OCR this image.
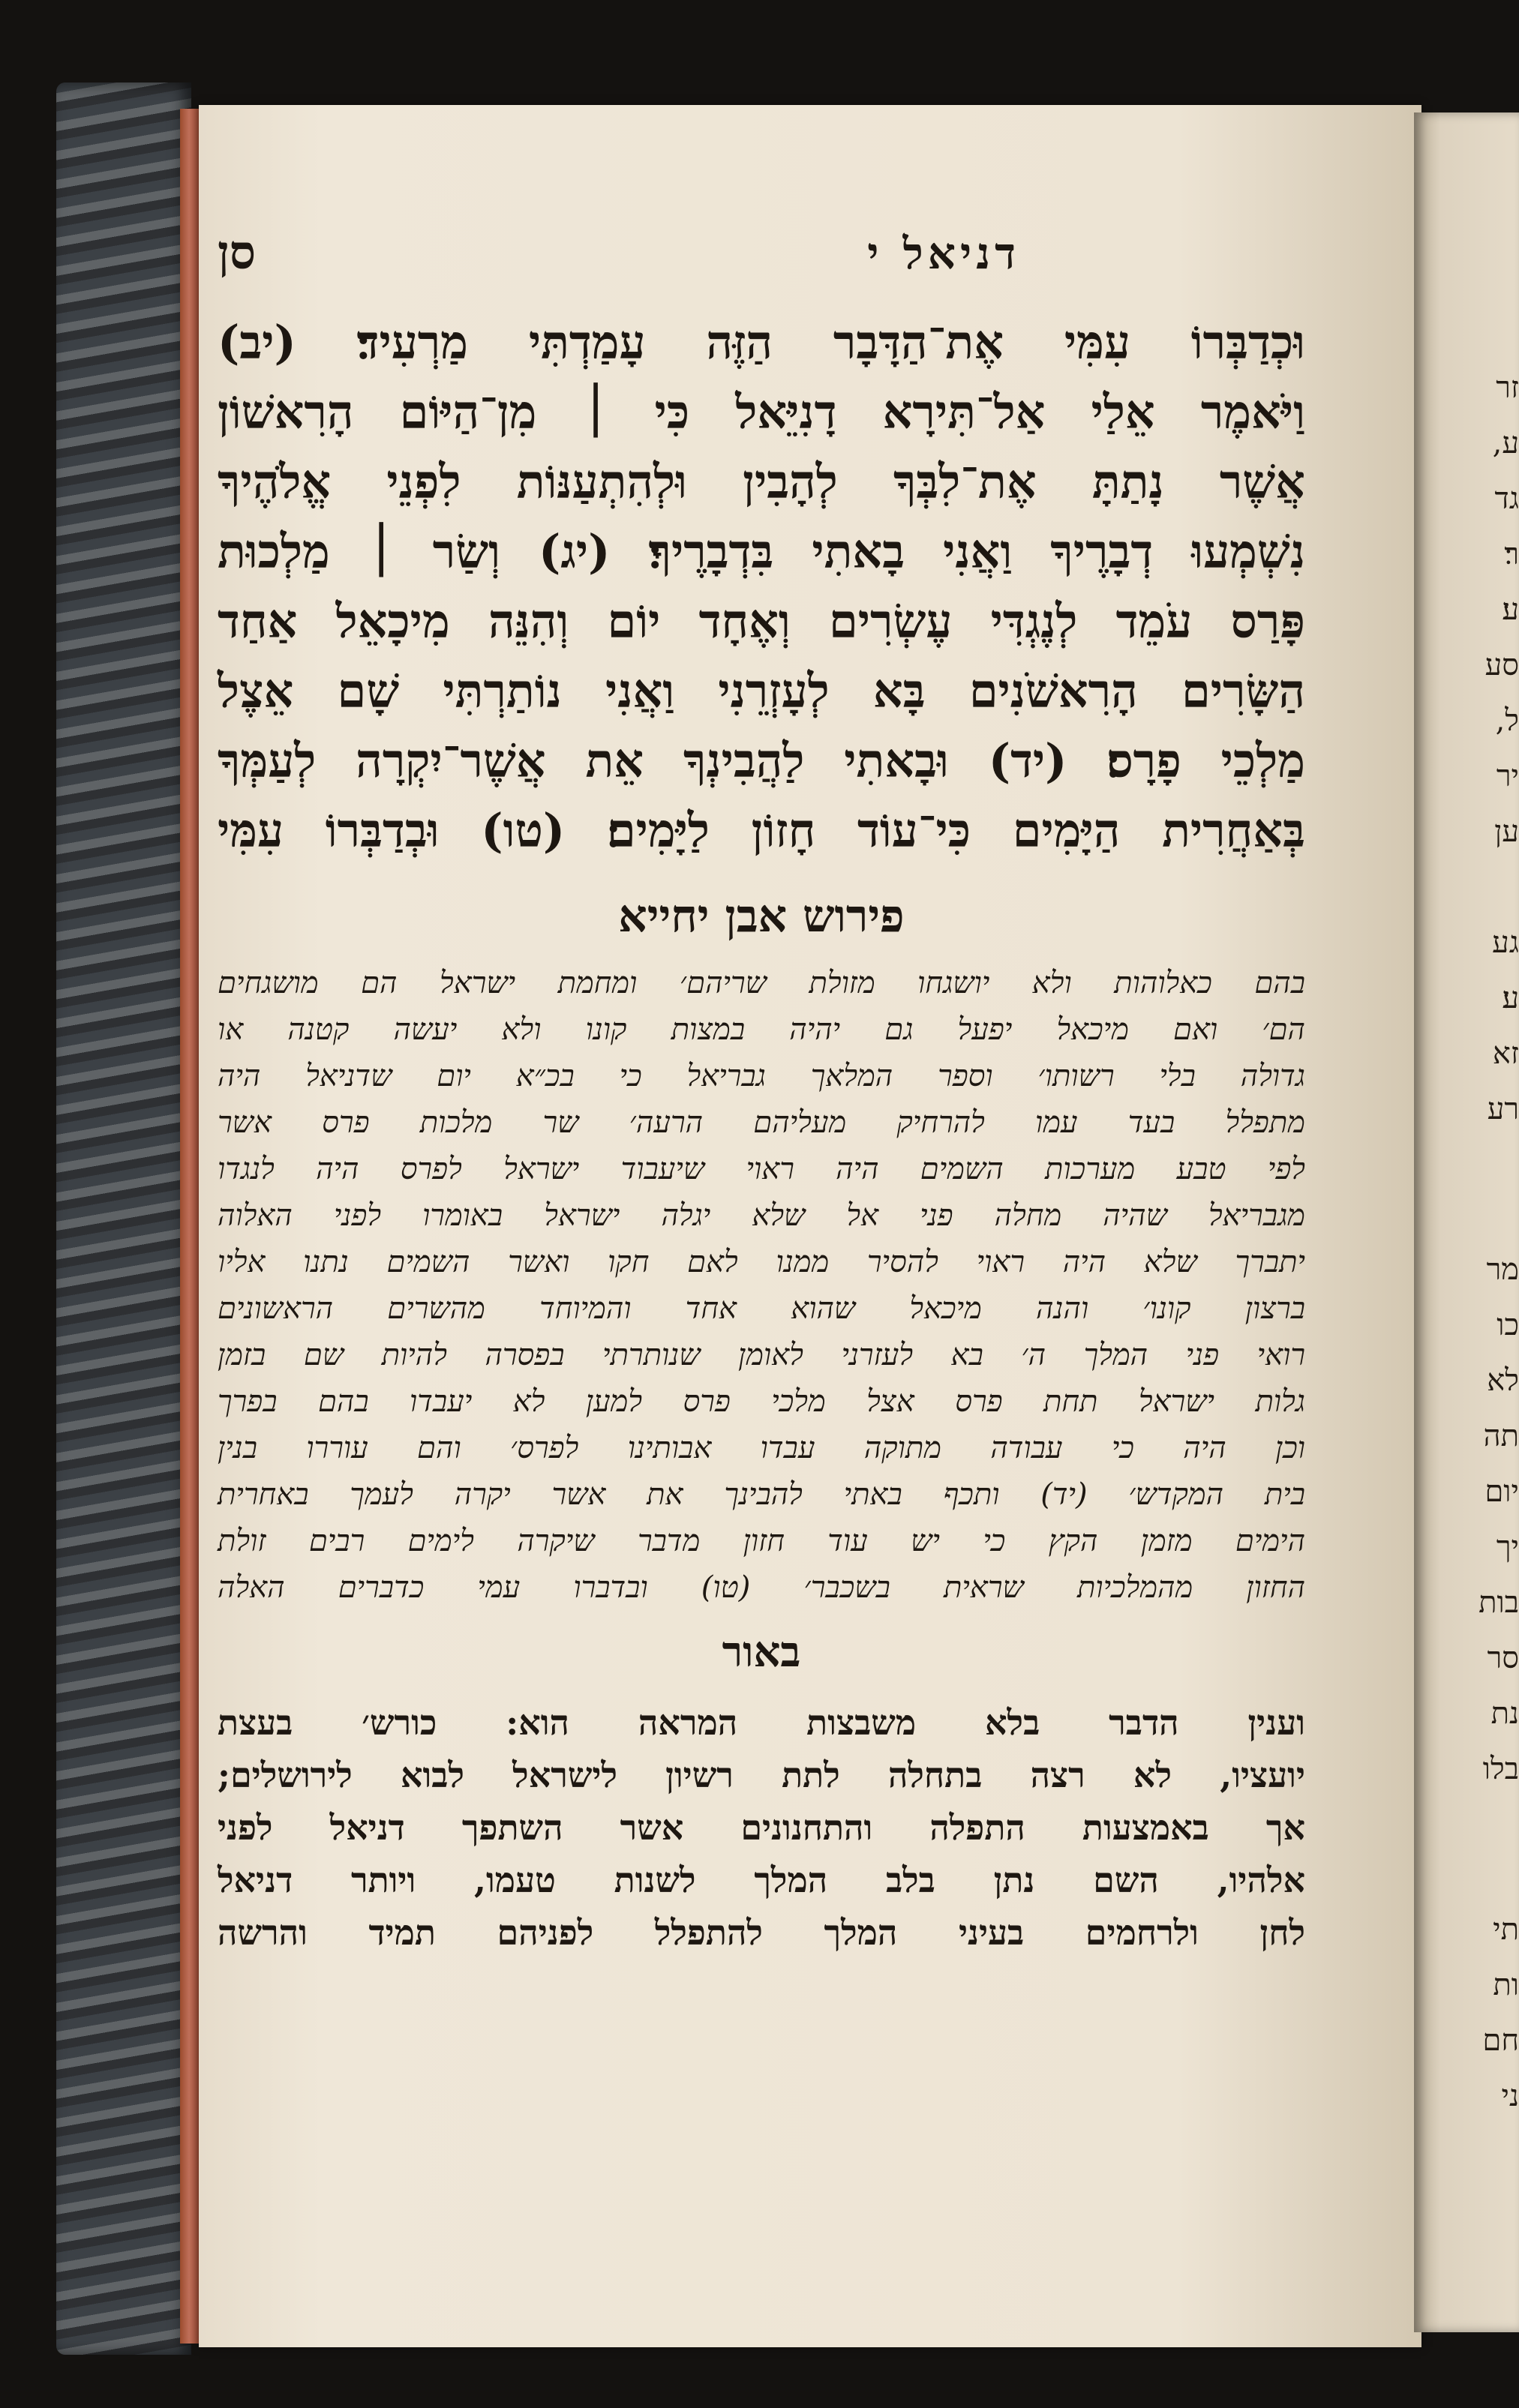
זר
ע,
גד
ר׃
ע׃
סע
ל,
יר
ען
גע
ע׃
זא
רע
מר
כו
לא
תה
יום
יך
בות
סר
נת
בלו
תי
ות
חם
ני
דניאל י
סן
וּכְדַבְּרוֹ עִמִּי אֶת־הַדָּבָר הַזֶּה עָמַדְתִּי מַרְעִיד׃ (יב)
וַיֹּאמֶר אֵלַי אַל־תִּירָא דָנִיֵּאל כִּי ׀ מִן־הַיּוֹם הָרִאשׁוֹן
אֲשֶׁר נָתַתָּ אֶת־לִבְּךָ לְהָבִין וּלְהִתְעַנּוֹת לִפְנֵי אֱלֹהֶיךָ
נִשְׁמְעוּ דְבָרֶיךָ וַאֲנִי בָאתִי בִּדְבָרֶיךָ׃ (יג) וְשַׂר ׀ מַלְכוּת
פָּרַס עֹמֵד לְנֶגְדִּי עֶשְׂרִים וְאֶחָד יוֹם וְהִנֵּה מִיכָאֵל אַחַד
הַשָּׂרִים הָרִאשֹׁנִים בָּא לְעָזְרֵנִי וַאֲנִי נוֹתַרְתִּי שָׁם אֵצֶל
מַלְכֵי פָרָס׃ (יד) וּבָאתִי לַהֲבִינְךָ אֵת אֲשֶׁר־יִקְרָה לְעַמְּךָ
בְּאַחֲרִית הַיָּמִים כִּי־עוֹד חָזוֹן לַיָּמִים׃ (טו) וּבְדַבְּרוֹ עִמִּי
פירוש אבן יחייא
בהם כאלוהות ולא יושגחו מזולת שריהם׳ ומחמת ישראל הם מושגחים
הם׳ ואם מיכאל יפעל גם יהיה במצות קונו ולא יעשה קטנה או
גדולה בלי רשותו׳ וספר המלאך גבריאל כי בכ״א יום שדניאל היה
מתפלל בעד עמו להרחיק מעליהם הרעה׳ שר מלכות פרס אשר
לפי טבע מערכות השמים היה ראוי שיעבוד ישראל לפרס היה לנגדו
מגבריאל שהיה מחלה פני אל שלא יגלה ישראל באומרו לפני האלוה
יתברך שלא היה ראוי להסיר ממנו לאם חקו ואשר השמים נתנו אליו
ברצון קונו׳ והנה מיכאל שהוא אחד והמיוחד מהשרים הראשונים
רואי פני המלך ה׳ בא לעזרני לאומן שנותרתי בפסרה להיות שם בזמן
גלות ישראל תחת פרס אצל מלכי פרס למען לא יעבדו בהם בפרך
וכן היה כי עבודה מתוקה עבדו אבותינו לפרס׳ והם עוררו בנין
בית המקדש׳ (יד) ותכף באתי להבינך את אשר יקרה לעמך באחרית
הימים מזמן הקץ כי יש עוד חזון מדבר שיקרה לימים רבים זולת
החזון מהמלכיות שראית בשכבר׳ (טו) ובדברו עמי כדברים האלה
באור
וענין הדבר בלא משבצות המראה הוא: כורש׳ בעצת
יועציו, לא רצה בתחלה לתת רשיון לישראל לבוא לירושלים;
אך באמצעות התפלה והתחנונים אשר השתפך דניאל לפני
אלהיו, השם נתן בלב המלך לשנות טעמו, ויותר דניאל
לחן ולרחמים בעיני המלך להתפלל לפניהם תמיד והרשה
